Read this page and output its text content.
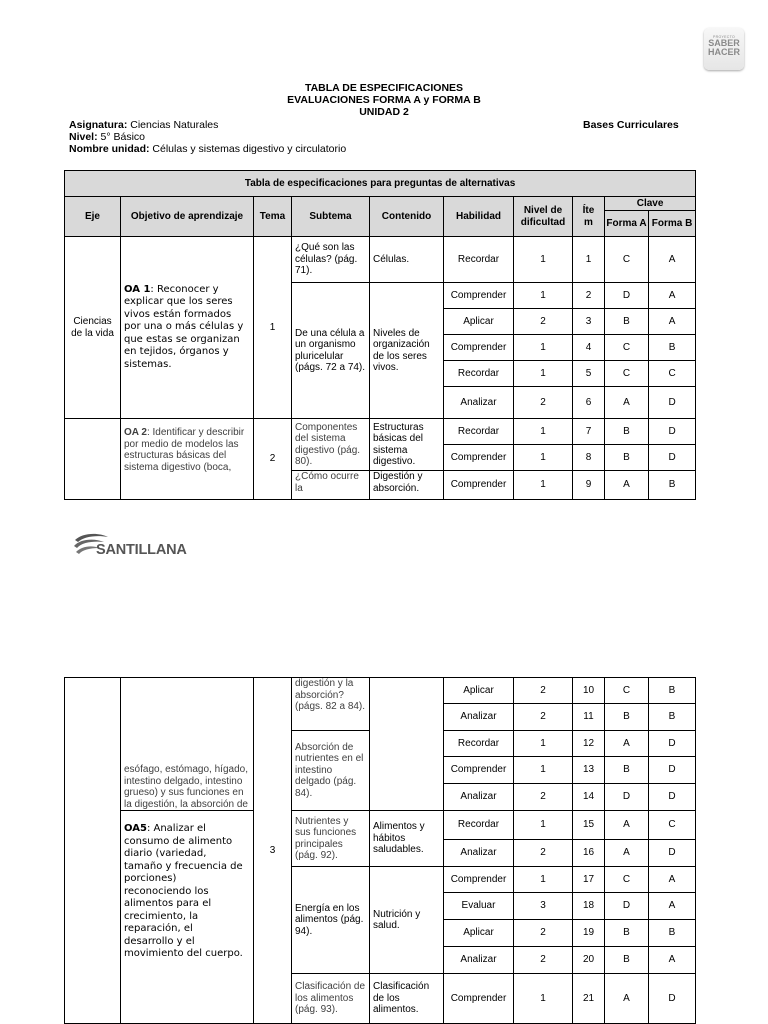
PROYECTO
SABER
HACER
TABLA DE ESPECIFICACIONES
EVALUACIONES FORMA A y FORMA B
UNIDAD 2
Asignatura: Ciencias Naturales
Nivel: 5° Básico
Nombre unidad: Células y sistemas digestivo y circulatorio
Bases Curriculares
Tabla de especificaciones para preguntas de alternativas									
Eje	Objetivo de aprendizaje	Tema	Subtema	Contenido	Habilidad	Nivel de dificultad	Íte m	Clave	
								Forma A	Forma B
Ciencias de la vida	OA 1: Reconocer y explicar que los seres vivos están formados por una o más células y que estas se organizan en tejidos, órganos y sistemas.	1	¿Qué son las células? (pág. 71).	Células.	Recordar	1	1	C	A
			De una célula a un organismo pluricelular (págs. 72 a 74).	Niveles de organización de los seres vivos.	Comprender	1	2	D	A
					Aplicar	2	3	B	A
					Comprender	1	4	C	B
					Recordar	1	5	C	C
					Analizar	2	6	A	D
	OA 2: Identificar y describir por medio de modelos las estructuras básicas del sistema digestivo (boca,	2	Componentes del sistema digestivo (pág. 80).	Estructuras básicas del sistema digestivo.	Recordar	1	7	B	D
					Comprender	1	8	B	D
			¿Cómo ocurre la	Digestión y absorción.	Comprender	1	9	A	B
SANTILLANA
	esófago, estómago, hígado, intestino delgado, intestino grueso) y sus funciones en la digestión, la absorción de	3	digestión y la absorción? (págs. 82 a 84).		Aplicar	2	10	C	B
					Analizar	2	11	B	B
			Absorción de nutrientes en el intestino delgado (pág. 84).		Recordar	1	12	A	D
					Comprender	1	13	B	D
					Analizar	2	14	D	D
	OA5: Analizar el consumo de alimento diario (variedad, tamaño y frecuencia de porciones) reconociendo los alimentos para el crecimiento, la reparación, el desarrollo y el movimiento del cuerpo.		Nutrientes y sus funciones principales (pág. 92).	Alimentos y hábitos saludables.	Recordar	1	15	A	C
					Analizar	2	16	A	D
			Energía en los alimentos (pág. 94).	Nutrición y salud.	Comprender	1	17	C	A
					Evaluar	3	18	D	A
					Aplicar	2	19	B	B
					Analizar	2	20	B	A
			Clasificación de los alimentos (pág. 93).	Clasificación de los alimentos.	Comprender	1	21	A	D
